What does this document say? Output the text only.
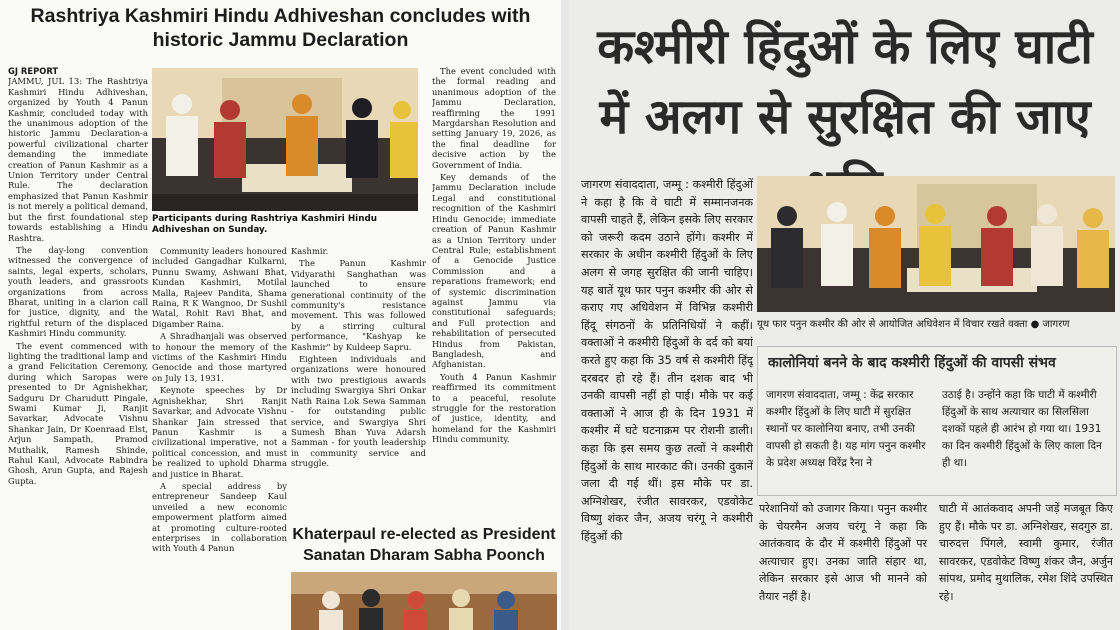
Rashtriya Kashmiri Hindu Adhiveshan concludes with historic Jammu Declaration
GJ REPORT

JAMMU, JUL 13: The Rashtriya Kashmiri Hindu Adhiveshan, organized by Youth 4 Panun Kashmir, concluded today with the unanimous adoption of the historic Jammu Declaration-a powerful civilizational charter demanding the immediate creation of Panun Kashmir as a Union Territory under Central Rule. The declaration emphasized that Panun Kashmir is not merely a political demand, but the first foundational step towards establishing a Hindu Rashtra.

The day-long convention witnessed the convergence of saints, legal experts, scholars, youth leaders, and grassroots organizations from across Bharat, uniting in a clarion call for justice, dignity, and the rightful return of the displaced Kashmiri Hindu community.

The event commenced with lighting the traditional lamp and a grand Felicitation Ceremony, during which Saropas were presented to Dr Agnishekhar, Sadguru Dr Charudutt Pingale, Swami Kumar Ji, Ranjit Savarkar, Advocate Vishnu Shankar Jain, Dr Koenraad Elst, Arjun Sampath, Pramod Muthalik, Ramesh Shinde, Rahul Kaul, Advocate Rabindra Ghosh, Arun Gupta, and Rajesh Gupta.

Participants during Rashtriya Kashmiri Hindu Adhiveshan on Sunday.

Community leaders honoured included Gangadhar Kulkarni, Punnu Swamy, Ashwani Bhat, Kundan Kashmiri, Motilal Malla, Rajeev Pandita, Shama Raina, R K Wangnoo, Dr Sushil Watal, Rohit Ravi Bhat, and Digamber Raina.

A Shradhanjali was observed to honour the memory of the victims of the Kashmiri Hindu Genocide and those martyred on July 13, 1931.

Keynote speeches by Dr Agnishekhar, Shri Ranjit Savarkar, and Advocate Vishnu Shankar Jain stressed that Panun Kashmir is a civilizational imperative, not a political concession, and must be realized to uphold Dharma and justice in Bharat.

A special address by entrepreneur Sandeep Kaul unveiled a new economic empowerment platform aimed at promoting culture-rooted enterprises in collaboration with Youth 4 Panun

Kashmir.

The Panun Kashmir Vidyarathi Sanghathan was launched to ensure generational continuity of the community's resistance movement. This was followed by a stirring cultural performance, "Kashyap ke Kashmir" by Kuldeep Sapru.

Eighteen individuals and organizations were honoured with two prestigious awards including Swargiya Shri Onkar Nath Raina Lok Sewa Samman - for outstanding public service, and Swargiya Shri Sumesh Bhan Yuva Adarsh Samman - for youth leadership in community service and struggle.

The event concluded with the formal reading and unanimous adoption of the Jammu Declaration, reaffirming the 1991 Margdarshan Resolution and setting January 19, 2026, as the final deadline for decisive action by the Government of India.

Key demands of the Jammu Declaration include Legal and constitutional recognition of the Kashmiri Hindu Genocide; immediate creation of Panun Kashmir as a Union Territory under Central Rule; establishment of a Genocide Justice Commission and a reparations framework; end of systemic discrimination against Jammu via constitutional safeguards; and Full protection and rehabilitation of persecuted Hindus from Pakistan, Bangladesh, and Afghanistan.

Youth 4 Panun Kashmir reaffirmed its commitment to a peaceful, resolute struggle for the restoration of justice, identity, and homeland for the Kashmiri Hindu community.

Khaterpaul re-elected as President Sanatan Dharam Sabha Poonch
कश्मीरी हिंदुओं के लिए घाटी में अलग से सुरक्षित की जाए

जागरण संवाददाता, जम्मू : कश्मीरी हिंदुओं ने कहा है कि वे घाटी में सम्मानजनक वापसी चाहते हैं, लेकिन इसके लिए सरकार को जरूरी कदम उठाने होंगे। कश्मीर में सरकार के अधीन कश्मीरी हिंदुओं के लिए अलग से जगह सुरक्षित की जानी चाहिए। यह बातें यूथ फार पनुन कश्मीर की ओर से कराए गए अधिवेशन में विभिन्न कश्मीरी हिंदू संगठनों के प्रतिनिधियों ने कहीं। वक्ताओं ने कश्मीरी हिंदुओं के दर्द को बयां करते हुए कहा कि 35 वर्ष से कश्मीरी हिंदू दरबदर हो रहे हैं। तीन दशक बाद भी उनकी वापसी नहीं हो पाई। मौके पर कई वक्ताओं ने आज ही के दिन 1931 में कश्मीर में घटे घटनाक्रम पर रोशनी डाली। कहा कि इस समय कुछ तत्वों ने कश्मीरी हिंदुओं के साथ मारकाट की। उनकी दुकानें जला दी गई थीं। इस मौके पर डा. अग्निशेखर, रंजीत सावरकर, एडवोकेट विष्णु शंकर जैन, अजय चरंगू ने कश्मीरी हिंदुओं की

यूथ फार पनुन कश्मीर की ओर से आयोजित अधिवेशन में विचार रखते वक्ता ● जागरण
कालोनियां बनने के बाद कश्मीरी हिंदुओं की वापसी संभव
जागरण संवाददाता, जम्मू : केंद्र सरकार कश्मीर हिंदुओं के लिए घाटी में सुरक्षित स्थानों पर कालोनिया बनाए, तभी उनकी वापसी हो सकती है। यह मांग पनुन कश्मीर के प्रदेश अध्यक्ष विरेंद्र रैना ने
उठाई है। उन्होंने कहा कि घाटी में कश्मीरी हिंदुओं के साथ अत्याचार का सिलसिला दशकों पहले ही आरंभ हो गया था। 1931 का दिन कश्मीरी हिंदुओं के लिए काला दिन ही था।
परेशानियों को उजागर किया। पनुन कश्मीर के चेयरमैन अजय चरंगू ने कहा कि आतंकवाद के दौर में कश्मीरी हिंदुओं पर अत्याचार हुए। उनका जाति संहार था, लेकिन सरकार इसे आज भी मानने को तैयार नहीं है।
घाटी में आतंकवाद अपनी जड़ें मजबूत किए हुए हैं। मौके पर डा. अग्निशेखर, सदगुरु डा. चारुदत्त पिंगले, स्वामी कुमार, रंजीत सावरकर, एडवोकेट विष्णु शंकर जैन, अर्जुन सांपथ, प्रमोद मुथालिक, रमेश शिंदे उपस्थित रहे।
